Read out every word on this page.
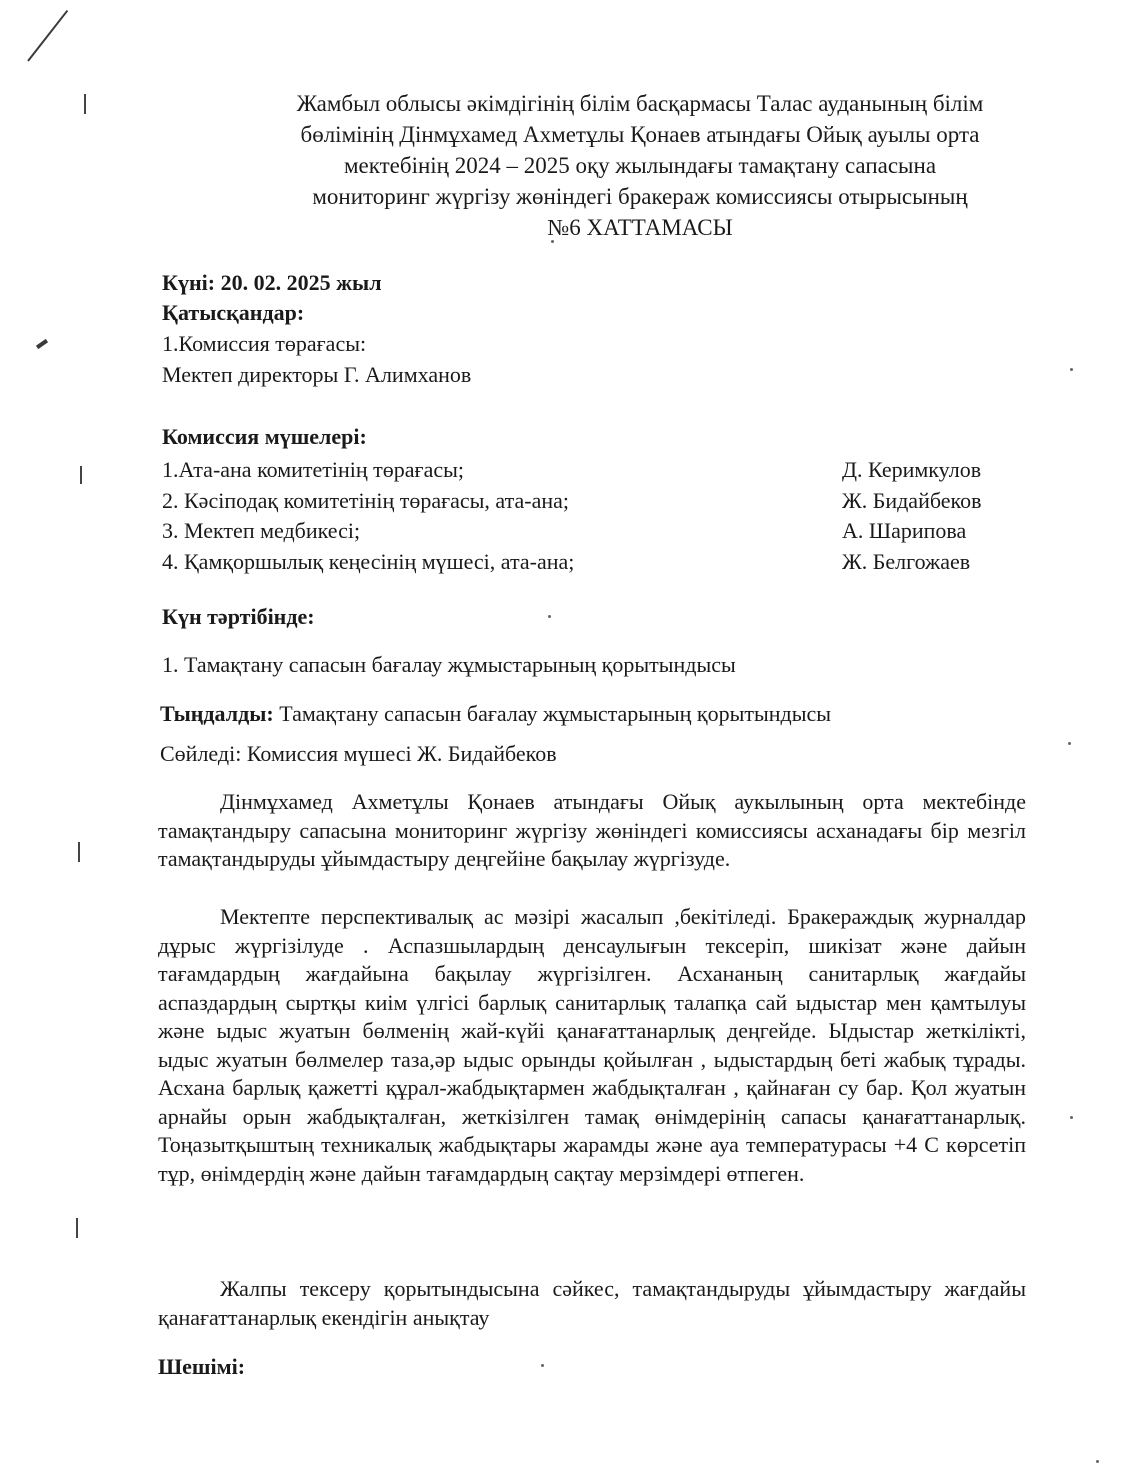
Жамбыл облысы әкімдігінің білім басқармасы Талас ауданының білім
бөлімінің Дінмұхамед Ахметұлы Қонаев атындағы Ойық ауылы орта
мектебінің 2024 – 2025 оқу жылындағы тамақтану сапасына
мониторинг жүргізу жөніндегі бракераж комиссиясы отырысының
№6 ХАТТАМАСЫ
Күні: 20. 02. 2025 жыл
Қатысқандар:
1.Комиссия төрағасы:
Мектеп директоры Г. Алимханов
Комиссия мүшелері:
1.Ата-ана комитетінің төрағасы;	Д. Керимкулов
2. Кәсіподақ комитетінің төрағасы, ата-ана;	Ж. Бидайбеков
3. Мектеп медбикесі;	А. Шарипова
4. Қамқоршылық кеңесінің мүшесі, ата-ана;	Ж. Белгожаев
Күн тәртібінде:
1. Тамақтану сапасын бағалау жұмыстарының қорытындысы
Тыңдалды: Тамақтану сапасын бағалау жұмыстарының қорытындысы
Сөйледі: Комиссия мүшесі Ж. Бидайбеков
Дінмұхамед Ахметұлы Қонаев атындағы Ойық аукылының орта мектебінде тамақтандыру сапасына мониторинг жүргізу жөніндегі комиссиясы асханадағы бір мезгіл тамақтандыруды ұйымдастыру деңгейіне бақылау жүргізуде.
Мектепте перспективалық ас мәзірі жасалып ,бекітіледі. Бракераждық журналдар дұрыс жүргізілуде . Аспазшылардың денсаулығын тексеріп, шикізат және дайын тағамдардың жағдайына бақылау жүргізілген. Асхананың санитарлық жағдайы аспаздардың сыртқы киім үлгісі барлық санитарлық талапқа сай ыдыстар мен қамтылуы және ыдыс жуатын бөлменің жай-күйі қанағаттанарлық деңгейде. Ыдыстар жеткілікті, ыдыс жуатын бөлмелер таза,әр ыдыс орынды қойылған , ыдыстардың беті жабық тұрады. Асхана барлық қажетті құрал-жабдықтармен жабдықталған , қайнаған су бар. Қол жуатын арнайы орын жабдықталған, жеткізілген тамақ өнімдерінің сапасы қанағаттанарлық. Тоңазытқыштың техникалық жабдықтары жарамды және ауа температурасы +4 С көрсетіп тұр, өнімдердің және дайын тағамдардың сақтау мерзімдері өтпеген.
Жалпы тексеру қорытындысына сәйкес, тамақтандыруды ұйымдастыру жағдайы қанағаттанарлық екендігін анықтау
Шешімі:
